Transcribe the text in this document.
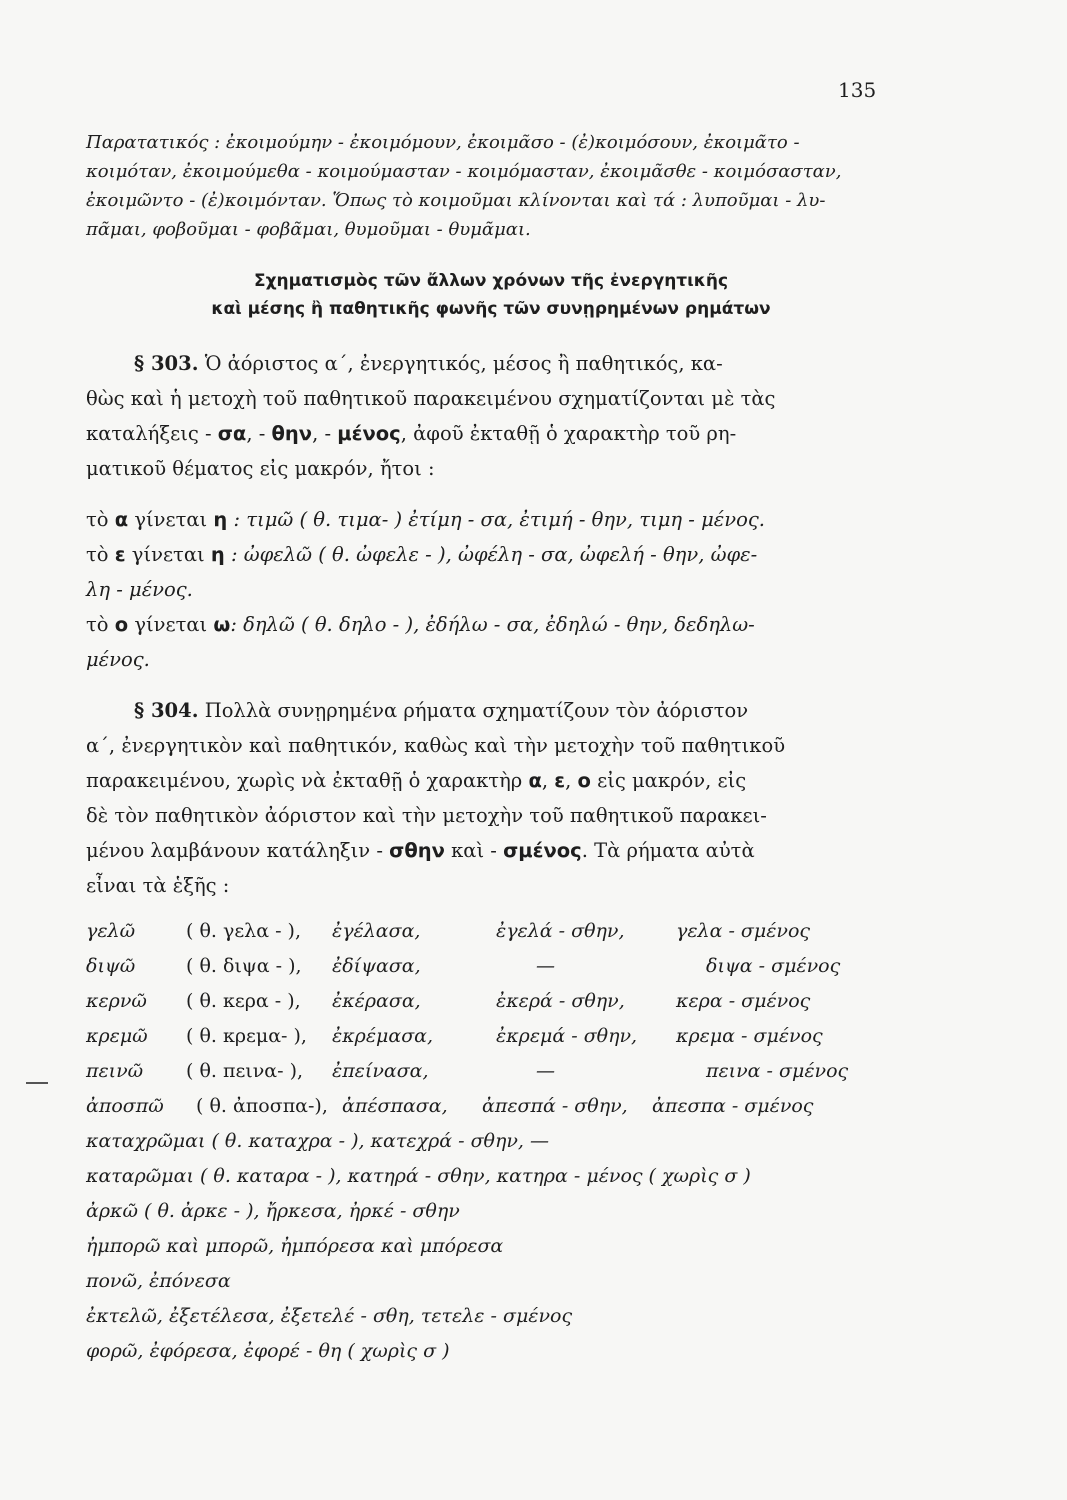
135
Παρατατικός : ἐκοιμούμην - ἐκοιμόμουν, ἐκοιμᾶσο - (ἐ)κοιμόσουν, ἐκοιμᾶτο -
κοιμόταν, ἐκοιμούμεθα - κοιμούμασταν - κοιμόμασταν, ἐκοιμᾶσθε - κοιμόσασταν,
ἐκοιμῶντο - (ἐ)κοιμόνταν. Ὅπως τὸ κοιμοῦμαι κλίνονται καὶ τά : λυποῦμαι - λυ-
πᾶμαι, φοβοῦμαι - φοβᾶμαι, θυμοῦμαι - θυμᾶμαι.
Σχηματισμὸς τῶν ἄλλων χρόνων τῆς ἐνεργητικῆς
καὶ μέσης ἢ παθητικῆς φωνῆς τῶν συνῃρημένων ρημάτων
§ 303. Ὁ ἀόριστος α΄, ἐνεργητικός, μέσος ἢ παθητικός, κα-
θὼς καὶ ἡ μετοχὴ τοῦ παθητικοῦ παρακειμένου σχηματίζονται μὲ τὰς
καταλήξεις - σα, - θην, - μένος, ἀφοῦ ἐκταθῇ ὁ χαρακτὴρ τοῦ ρη-
ματικοῦ θέματος εἰς μακρόν, ἤτοι :
τὸ α γίνεται η : τιμῶ ( θ. τιμα- ) ἐτίμη - σα, ἐτιμή - θην, τιμη - μένος.
τὸ ε γίνεται η : ὠφελῶ ( θ. ὠφελε - ), ὠφέλη - σα, ὠφελή - θην, ὠφε-
λη - μένος.
τὸ ο γίνεται ω: δηλῶ ( θ. δηλο - ), ἐδήλω - σα, ἐδηλώ - θην, δεδηλω-
μένος.
§ 304. Πολλὰ συνῃρημένα ρήματα σχηματίζουν τὸν ἀόριστον
α΄, ἐνεργητικὸν καὶ παθητικόν, καθὼς καὶ τὴν μετοχὴν τοῦ παθητικοῦ
παρακειμένου, χωρὶς νὰ ἐκταθῇ ὁ χαρακτὴρ α, ε, ο εἰς μακρόν, εἰς
δὲ τὸν παθητικὸν ἀόριστον καὶ τὴν μετοχὴν τοῦ παθητικοῦ παρακει-
μένου λαμβάνουν κατάληξιν - σθην καὶ - σμένος. Τὰ ρήματα αὐτὰ
εἶναι τὰ ἑξῆς :
γελῶ	( θ. γελα - ), ἐγέλασα,	ἐγελά - σθην,	γελα - σμένος
διψῶ	( θ. διψα - ), ἐδίψασα,	—	διψα - σμένος
κερνῶ ( θ. κερα - ), ἐκέρασα,	ἐκερά - σθην,	κερα - σμένος
κρεμῶ ( θ. κρεμα- ), ἐκρέμασα,	ἐκρεμά - σθην, κρεμα - σμένος
πεινῶ ( θ. πεινα- ), ἐπείνασα,	—	πεινα - σμένος
ἀποσπῶ ( θ. ἀποσπα-), ἀπέσπασα, ἀπεσπά - σθην, ἀπεσπα - σμένος
καταχρῶμαι ( θ. καταχρα - ), κατεχρά - σθην, —
καταρῶμαι ( θ. καταρα - ), κατηρά - σθην, κατηρα - μένος ( χωρὶς σ )
ἀρκῶ ( θ. ἀρκε - ), ἤρκεσα, ἠρκέ - σθην
ἠμπορῶ καὶ μπορῶ, ἠμπόρεσα καὶ μπόρεσα
πονῶ, ἐπόνεσα
ἐκτελῶ, ἐξετέλεσα, ἐξετελέ - σθη, τετελε - σμένος
φορῶ, ἐφόρεσα, ἐφορέ - θη ( χωρὶς σ )
